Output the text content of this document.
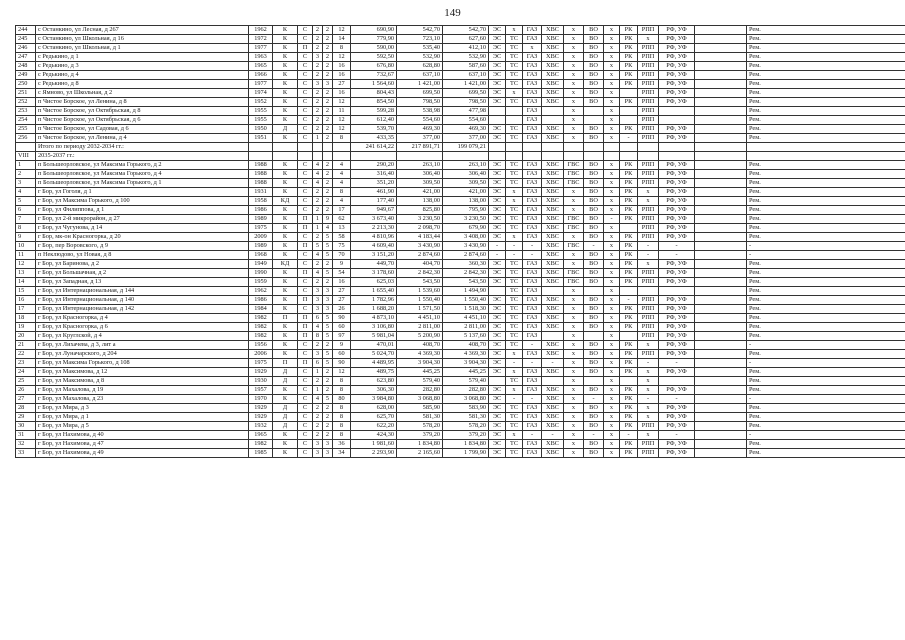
149
244	с Останкино, ул Лесная, д 267	1962	К	С	2	2	12	690,90	542,70	542,70	ЭС	х	ГАЗ	ХВС	х	ВО	х	РК	РПП	РФ, УФ		Рем.
245	с Останкино, ул Школьная, д 16	1972	К	С	2	2	14	779,90	723,10	627,60	ЭС	ТС	ГАЗ	ХВС	х	ВО	х	РК	х	РФ, УФ		Рем.
246	с Останкино, ул Школьная, д 1	1977	К	П	2	2	8	590,00	535,40	412,10	ЭС	ТС	х	ХВС	х	ВО	х	РК	РПП	РФ, УФ		Рем.
247	с Редькино, д 1	1963	К	С	3	2	12	592,50	532,90	532,90	ЭС	ТС	ГАЗ	ХВС	х	ВО	х	РК	РПП	РФ, УФ		Рем.
248	с Редькино, д 3	1965	К	С	2	2	16	676,80	628,80	587,60	ЭС	ТС	ГАЗ	ХВС	х	ВО	х	РК	РПП	РФ, УФ		Рем.
249	с Редькино, д 4	1966	К	С	2	2	16	732,67	637,10	637,10	ЭС	ТС	ГАЗ	ХВС	х	ВО	х	РК	РПП	РФ, УФ		Рем.
250	с Редькино, д 8	1977	К	С	3	3	27	1 564,60	1 421,00	1 421,00	ЭС	ТС	ГАЗ	ХВС	х	ВО	х	РК	РПП	РФ, УФ		Рем.
251	с Ямново, ул Школьная, д 2	1974	К	С	2	2	16	804,43	699,50	699,50	ЭС	х	ГАЗ	ХВС	х	ВО	х		РПП	РФ, УФ		Рем.
252	п Чистое Борское, ул Ленина, д 8	1952	К	С	2	2	12	854,50	798,50	798,50	ЭС	ТС	ГАЗ	ХВС	х	ВО	х	РК	РПП	РФ, УФ		Рем.
253	п Чистое Борское, ул Октябрьская, д 8	1955	К	С	2	2	11	599,28	538,98	477,98			ГАЗ		х		х		РПП			Рем.
254	п Чистое Борское, ул Октябрьская, д 6	1955	К	С	2	2	12	612,40	554,60	554,60			ГАЗ		х		х		РПП			Рем.
255	п Чистое Борское, ул Садовая, д 6	1950	Д	С	2	2	12	539,70	469,30	469,30	ЭС	ТС	ГАЗ	ХВС	х	ВО	х	РК	РПП	РФ, УФ		Рем.
256	п Чистое Борское, ул Ленина, д 4	1951	К	С	1	2	8	433,35	377,00	377,00	ЭС	ТС	ГАЗ	ХВС	х	ВО	х	-	РПП	РФ, УФ		Рем.
	Итого по периоду 2032-2034 гг.:							241 614,22	217 891,71	199 079,21												
VIII	2035-2037 гг.:																					
1	п Большеорловское, ул Максима Горького, д 2	1988	К	С	4	2	4	290,20	263,10	263,10	ЭС	ТС	ГАЗ	ХВС	ГВС	ВО	х	РК	РПП	РФ, УФ		Рем.
2	п Большеорловское, ул Максима Горького, д 4	1988	К	С	4	2	4	316,40	306,40	306,40	ЭС	ТС	ГАЗ	ХВС	ГВС	ВО	х	РК	РПП	РФ, УФ		Рем.
3	п Большеорловское, ул Максима Горького, д 1	1988	К	С	4	2	4	351,20	309,50	309,50	ЭС	ТС	ГАЗ	ХВС	ГВС	ВО	х	РК	РПП	РФ, УФ		Рем.
4	г Бор, ул Гоголя, д 1	1931	К	С	2	2	8	461,90	421,00	421,00	ЭС	х	ГАЗ	ХВС	х	ВО	х	РК	х	РФ, УФ		Рем.
5	г Бор, ул Максима Горького, д 100	1958	КД	С	2	2	4	177,40	138,00	138,00	ЭС	х	ГАЗ	ХВС	х	ВО	х	РК	х	РФ, УФ		Рем.
6	г Бор, ул Филиппова, д 1	1986	К	С	2	2	17	949,67	825,80	795,90	ЭС	ТС	ГАЗ	ХВС	х	ВО	х	РК	РПП	РФ, УФ		Рем.
7	г Бор, ул 2-й микрорайон, д 27	1989	К	П	1	9	62	3 673,40	3 230,50	3 230,50	ЭС	ТС	ГАЗ	ХВС	ГВС	ВО	-	РК	РПП	РФ, УФ		Рем.
8	г Бор, ул Чугунова, д 14	1975	К	П	1	4	13	2 213,30	2 098,70	679,90	ЭС	ТС	ГАЗ	ХВС	ГВС	ВО	х		РПП	РФ, УФ		Рем.
9	г Бор, мк-он Красногорка, д 20	2009	К	С	2	5	58	4 810,96	4 183,44	3 408,00	ЭС	х	ГАЗ	ХВС	х	ВО	х	РК	РПП	РФ, УФ		Рем.
10	г Бор, пер Воровского, д 9	1989	К	П	5	5	75	4 609,40	3 430,90	3 430,90	-	-	-	ХВС	ГВС	-	х	РК	-	-		-
11	п Неклюдово, ул Новая, д 8	1968	К	С	4	5	70	3 151,20	2 874,60	2 874,60	-	-	-	ХВС	х	ВО	х	РК	-	-		-
12	г Бор, ул Баринова, д 2	1949	КД	С	2	2	9	449,70	404,70	360,30	ЭС	ТС	ГАЗ	ХВС	х	ВО	х	РК	х	РФ, УФ		Рем.
13	г Бор, ул Большачная, д 2	1990	К	П	4	5	54	3 178,60	2 842,30	2 842,30	ЭС	ТС	ГАЗ	ХВС	ГВС	ВО	х	РК	РПП	РФ, УФ		Рем.
14	г Бор, ул Западная, д 13	1959	К	С	2	2	16	625,03	543,50	543,50	ЭС	ТС	ГАЗ	ХВС	ГВС	ВО	х	РК	РПП	РФ, УФ		Рем.
15	г Бор, ул Интернациональная, д 144	1962	К	С	3	3	27	1 655,40	1 539,60	1 494,90		ТС	ГАЗ		х		х					Рем.
16	г Бор, ул Интернациональная, д 140	1986	К	П	3	3	27	1 782,96	1 550,40	1 550,40	ЭС	ТС	ГАЗ	ХВС	х	ВО	х	-	РПП	РФ, УФ		Рем.
17	г Бор, ул Интернациональная, д 142	1984	К	С	3	3	26	1 688,20	1 571,50	1 518,30	ЭС	ТС	ГАЗ	ХВС	х	ВО	х	РК	РПП	РФ, УФ		Рем.
18	г Бор, ул Красногорка, д 4	1982	П	П	6	5	90	4 873,10	4 451,10	4 451,10	ЭС	ТС	ГАЗ	ХВС	х	ВО	х	РК	РПП	РФ, УФ		Рем.
19	г Бор, ул Красногорка, д 6	1982	К	П	4	5	60	3 106,80	2 811,00	2 811,00	ЭС	ТС	ГАЗ	ХВС	х	ВО	х	РК	РПП	РФ, УФ		Рем.
20	г Бор, ул Круглской, д 4	1982	К	П	8	5	97	5 981,04	5 200,90	5 137,60	ЭС	ТС	ГАЗ		х		х		РПП	РФ, УФ		Рем.
21	г Бор, ул Лихачева, д 3, лит а	1956	К	С	2	2	9	470,01	408,70	408,70	ЭС	ТС	-	ХВС	х	ВО	х	РК	х	РФ, УФ		-
22	г Бор, ул Луначарского, д 204	2006	К	С	3	5	60	5 024,70	4 369,30	4 369,30	ЭС	х	ГАЗ	ХВС	х	ВО	х	РК	РПП	РФ, УФ		Рем.
23	г Бор, ул Максима Горького, д 108	1975	П	П	6	5	90	4 489,95	3 904,30	3 904,30	ЭС	-	-	-	х	ВО	х	РК	-	-		-
24	г Бор, ул Максимова, д 12	1929	Д	С	1	2	12	489,75	445,25	445,25	ЭС	х	ГАЗ	ХВС	х	ВО	х	РК	х	РФ, УФ		Рем.
25	г Бор, ул Максимова, д 8	1930	Д	С	2	2	8	623,80	579,40	579,40		ТС	ГАЗ		х		х		х			Рем.
26	г Бор, ул Махалова, д 19	1957	К	С	1	2	8	306,30	282,80	282,80	ЭС	х	ГАЗ	ХВС	х	ВО	х	РК	х	РФ, УФ		Рем.
27	г Бор, ул Махалова, д 23	1970	К	С	4	5	80	3 984,80	3 068,80	3 068,80	ЭС	-	-	ХВС	х	-	х	РК	-	-		-
28	г Бор, ул Мира, д 3	1929	Д	С	2	2	8	628,00	585,90	583,90	ЭС	ТС	ГАЗ	ХВС	х	ВО	х	РК	х	РФ, УФ		Рем.
29	г Бор, ул Мира, д 1	1929	Д	С	2	2	8	625,70	581,30	581,30	ЭС	ТС	ГАЗ	ХВС	х	ВО	х	РК	х	РФ, УФ		Рем.
30	г Бор, ул Мира, д 5	1932	Д	С	2	2	8	622,20	578,20	578,20	ЭС	ТС	ГАЗ	ХВС	х	ВО	х	РК	РПП	РФ, УФ		Рем.
31	г Бор, ул Нахимова, д 40	1965	К	С	2	2	8	424,30	379,20	379,20	ЭС	х	-	-	х	-	х	-	х	-		-
32	г Бор, ул Нахимова, д 47	1982	К	С	3	3	36	1 981,60	1 834,80	1 834,80	ЭС	ТС	ГАЗ	ХВС	х	ВО	х	РК	РПП	РФ, УФ		Рем.
33	г Бор, ул Нахимова, д 49	1985	К	С	3	3	34	2 293,90	2 165,60	1 799,90	ЭС	ТС	ГАЗ	ХВС	х	ВО	х	РК	РПП	РФ, УФ		Рем.
